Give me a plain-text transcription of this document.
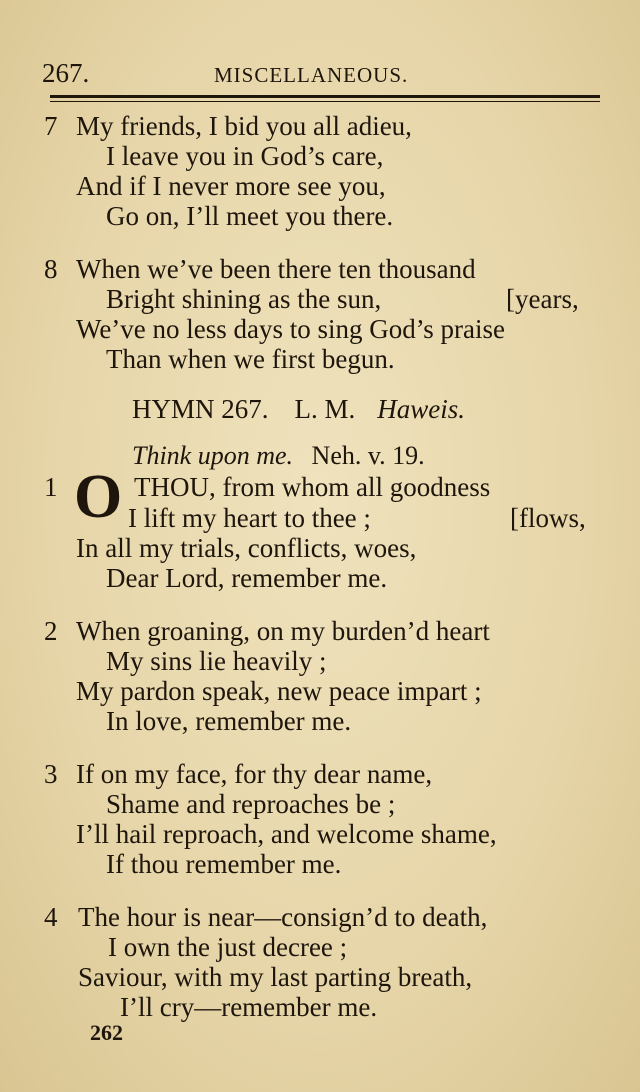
267.	MISCELLANEOUS.
7 My friends, I bid you all adieu,
I leave you in God’s care,
And if I never more see you,
Go on, I’ll meet you there.
8 When we’ve been there ten thousand
Bright shining as the sun,	[years,
We’ve no less days to sing God’s praise
Than when we first begun.
HYMN 267. L. M. Haweis.
Think upon me. Neh. v. 19.
1 O THOU, from whom all goodness
I lift my heart to thee ;	[flows,
In all my trials, conflicts, woes,
Dear Lord, remember me.
2 When groaning, on my burden’d heart
My sins lie heavily ;
My pardon speak, new peace impart ;
In love, remember me.
3 If on my face, for thy dear name,
Shame and reproaches be ;
I’ll hail reproach, and welcome shame,
If thou remember me.
4 The hour is near—consign’d to death,
I own the just decree ;
Saviour, with my last parting breath,
I’ll cry—remember me.
262
